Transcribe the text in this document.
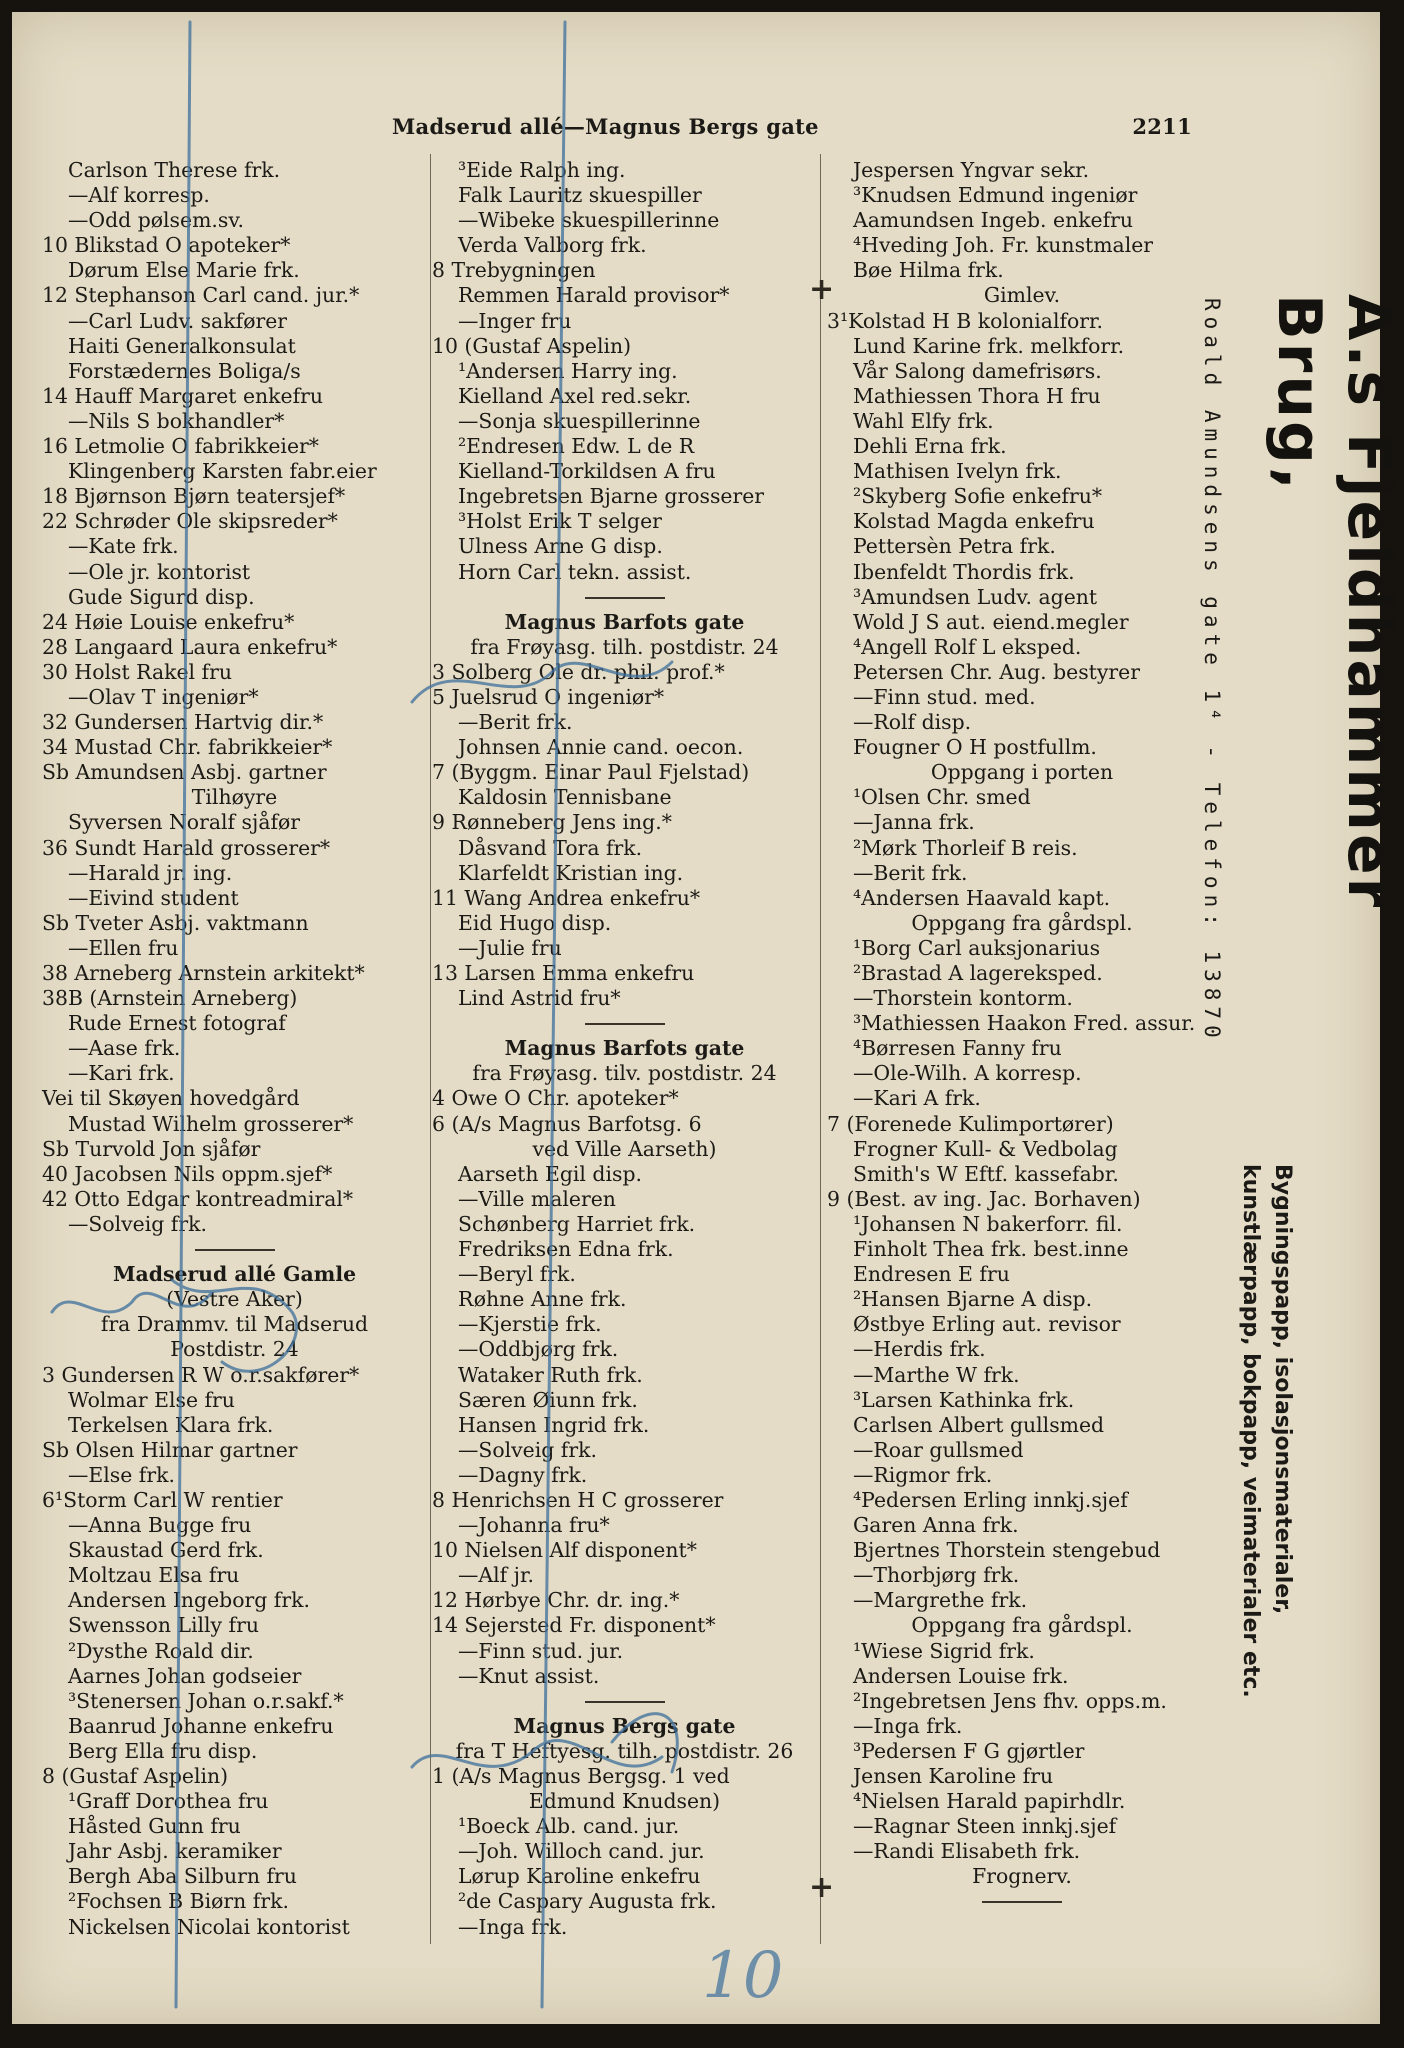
Madserud allé—Magnus Bergs gate	2211
Carlson Therese frk.
—Alf korresp.
—Odd pølsem.sv.
10 Blikstad O apoteker*
Dørum Else Marie frk.
12 Stephanson Carl cand. jur.*
—Carl Ludv. sakfører
Haiti Generalkonsulat
Forstædernes Boliga/s
14 Hauff Margaret enkefru
—Nils S bokhandler*
16 Letmolie O fabrikkeier*
Klingenberg Karsten fabr.eier
18 Bjørnson Bjørn teatersjef*
22 Schrøder Ole skipsreder*
—Kate frk.
—Ole jr. kontorist
Gude Sigurd disp.
24 Høie Louise enkefru*
28 Langaard Laura enkefru*
30 Holst Rakel fru
—Olav T ingeniør*
32 Gundersen Hartvig dir.*
34 Mustad Chr. fabrikkeier*
Sb Amundsen Asbj. gartner
Tilhøyre
Syversen Noralf sjåfør
36 Sundt Harald grosserer*
—Harald jr. ing.
—Eivind student
Sb Tveter Asbj. vaktmann
—Ellen fru
38 Arneberg Arnstein arkitekt*
38B (Arnstein Arneberg)
Rude Ernest fotograf
—Aase frk.
—Kari frk.
Vei til Skøyen hovedgård
Mustad Wilhelm grosserer*
Sb Turvold Jon sjåfør
40 Jacobsen Nils oppm.sjef*
42 Otto Edgar kontreadmiral*
—Solveig frk.
Madserud allé Gamle
(Vestre Aker)
fra Drammv. til Madserud
Postdistr. 24
3 Gundersen R W o.r.sakfører*
Wolmar Else fru
Terkelsen Klara frk.
Sb Olsen Hilmar gartner
—Else frk.
6¹Storm Carl W rentier
—Anna Bugge fru
Skaustad Gerd frk.
Moltzau Elsa fru
Andersen Ingeborg frk.
Swensson Lilly fru
²Dysthe Roald dir.
Aarnes Johan godseier
³Stenersen Johan o.r.sakf.*
Baanrud Johanne enkefru
Berg Ella fru disp.
8 (Gustaf Aspelin)
¹Graff Dorothea fru
Håsted Gunn fru
Jahr Asbj. keramiker
Bergh Aba Silburn fru
²Fochsen B Biørn frk.
Nickelsen Nicolai kontorist
³Eide Ralph ing.
Falk Lauritz skuespiller
—Wibeke skuespillerinne
Verda Valborg frk.
8 Trebygningen
Remmen Harald provisor*
—Inger fru
10 (Gustaf Aspelin)
¹Andersen Harry ing.
Kielland Axel red.sekr.
—Sonja skuespillerinne
²Endresen Edw. L de R
Kielland-Torkildsen A fru
Ingebretsen Bjarne grosserer
³Holst Erik T selger
Ulness Arne G disp.
Horn Carl tekn. assist.
Magnus Barfots gate
fra Frøyasg. tilh. postdistr. 24
3 Solberg Ole dr. phil. prof.*
5 Juelsrud O ingeniør*
—Berit frk.
Johnsen Annie cand. oecon.
7 (Byggm. Einar Paul Fjelstad)
Kaldosin Tennisbane
9 Rønneberg Jens ing.*
Dåsvand Tora frk.
Klarfeldt Kristian ing.
11 Wang Andrea enkefru*
Eid Hugo disp.
—Julie fru
13 Larsen Emma enkefru
Lind Astrid fru*
Magnus Barfots gate
fra Frøyasg. tilv. postdistr. 24
4 Owe O Chr. apoteker*
6 (A/s Magnus Barfotsg. 6
ved Ville Aarseth)
Aarseth Egil disp.
—Ville maleren
Schønberg Harriet frk.
Fredriksen Edna frk.
—Beryl frk.
Røhne Anne frk.
—Kjerstie frk.
—Oddbjørg frk.
Wataker Ruth frk.
Særen Øiunn frk.
Hansen Ingrid frk.
—Solveig frk.
—Dagny frk.
8 Henrichsen H C grosserer
—Johanna fru*
10 Nielsen Alf disponent*
—Alf jr.
12 Hørbye Chr. dr. ing.*
14 Sejersted Fr. disponent*
—Finn stud. jur.
—Knut assist.
Magnus Bergs gate
fra T Heftyesg. tilh. postdistr. 26
1 (A/s Magnus Bergsg. 1 ved
Edmund Knudsen)
¹Boeck Alb. cand. jur.
—Joh. Willoch cand. jur.
Lørup Karoline enkefru
²de Caspary Augusta frk.
—Inga frk.
Jespersen Yngvar sekr.
³Knudsen Edmund ingeniør
Aamundsen Ingeb. enkefru
⁴Hveding Joh. Fr. kunstmaler
Bøe Hilma frk.
Gimlev.
3¹Kolstad H B kolonialforr.
Lund Karine frk. melkforr.
Vår Salong damefrisørs.
Mathiessen Thora H fru
Wahl Elfy frk.
Dehli Erna frk.
Mathisen Ivelyn frk.
²Skyberg Sofie enkefru*
Kolstad Magda enkefru
Pettersèn Petra frk.
Ibenfeldt Thordis frk.
³Amundsen Ludv. agent
Wold J S aut. eiend.megler
⁴Angell Rolf L eksped.
Petersen Chr. Aug. bestyrer
—Finn stud. med.
—Rolf disp.
Fougner O H postfullm.
Oppgang i porten
¹Olsen Chr. smed
—Janna frk.
²Mørk Thorleif B reis.
—Berit frk.
⁴Andersen Haavald kapt.
Oppgang fra gårdspl.
¹Borg Carl auksjonarius
²Brastad A lagereksped.
—Thorstein kontorm.
³Mathiessen Haakon Fred. assur.
⁴Børresen Fanny fru
—Ole-Wilh. A korresp.
—Kari A frk.
7 (Forenede Kulimportører)
Frogner Kull- & Vedbolag
Smith's W Eftf. kassefabr.
9 (Best. av ing. Jac. Borhaven)
¹Johansen N bakerforr. fil.
Finholt Thea frk. best.inne
Endresen E fru
²Hansen Bjarne A disp.
Østbye Erling aut. revisor
—Herdis frk.
—Marthe W frk.
³Larsen Kathinka frk.
Carlsen Albert gullsmed
—Roar gullsmed
—Rigmor frk.
⁴Pedersen Erling innkj.sjef
Garen Anna frk.
Bjertnes Thorstein stengebud
—Thorbjørg frk.
—Margrethe frk.
Oppgang fra gårdspl.
¹Wiese Sigrid frk.
Andersen Louise frk.
²Ingebretsen Jens fhv. opps.m.
—Inga frk.
³Pedersen F G gjørtler
Jensen Karoline fru
⁴Nielsen Harald papirhdlr.
—Ragnar Steen innkj.sjef
—Randi Elisabeth frk.
Frognerv.
+
+
A.s Fjeldhammer Brug,
Roald Amundsens gate 1⁴ - Telefon: 13870
Bygningspapp, isolasjonsmaterialer,
kunstlærpapp, bokpapp, veimaterialer etc.
10
